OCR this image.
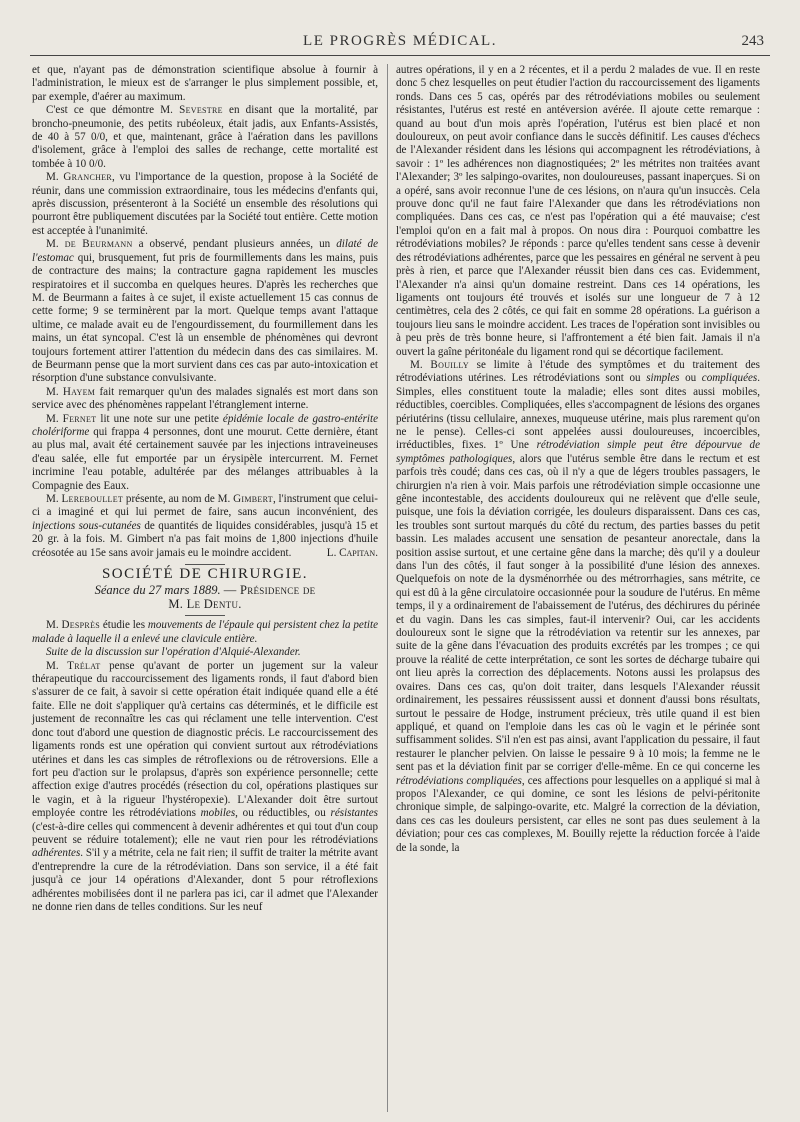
LE PROGRÈS MÉDICAL.	243

et que, n'ayant pas de démonstration scientifique absolue à fournir à l'administration, le mieux est de s'arranger le plus simplement possible, et, par exemple, d'aérer au maximum.

C'est ce que démontre M. Sevestre en disant que la mortalité, par broncho-pneumonie, des petits rubéoleux, était jadis, aux Enfants-Assistés, de 40 à 57 0/0, et que, maintenant, grâce à l'aération dans les pavillons d'isolement, grâce à l'emploi des salles de rechange, cette mortalité est tombée à 10 0/0.

M. Grancher, vu l'importance de la question, propose à la Société de réunir, dans une commission extraordinaire, tous les médecins d'enfants qui, après discussion, présenteront à la Société un ensemble des résolutions qui pourront être publiquement discutées par la Société tout entière. Cette motion est acceptée à l'unanimité.

M. de Beurmann a observé, pendant plusieurs années, un dilaté de l'estomac qui, brusquement, fut pris de fourmillements dans les mains, puis de contracture des mains; la contracture gagna rapidement les muscles respiratoires et il succomba en quelques heures. D'après les recherches que M. de Beurmann a faites à ce sujet, il existe actuellement 15 cas connus de cette forme; 9 se terminèrent par la mort. Quelque temps avant l'attaque ultime, ce malade avait eu de l'engourdissement, du fourmillement dans les mains, un état syncopal. C'est là un ensemble de phénomènes qui devront toujours fortement attirer l'attention du médecin dans des cas similaires. M. de Beurmann pense que la mort survient dans ces cas par auto-intoxication et résorption d'une substance convulsivante.

M. Hayem fait remarquer qu'un des malades signalés est mort dans son service avec des phénomènes rappelant l'étranglement interne.

M. Fernet lit une note sur une petite épidémie locale de gastro-entérite cholériforme qui frappa 4 personnes, dont une mourut. Cette dernière, étant au plus mal, avait été certainement sauvée par les injections intraveineuses d'eau salée, elle fut emportée par un érysipèle intercurrent. M. Fernet incrimine l'eau potable, adultérée par des mélanges attribuables à la Compagnie des Eaux.

M. Lereboullet présente, au nom de M. Gimbert, l'instrument que celui-ci a imaginé et qui lui permet de faire, sans aucun inconvénient, des injections sous-cutanées de quantités de liquides considérables, jusqu'à 15 et 20 gr. à la fois. M. Gimbert n'a pas fait moins de 1,800 injections d'huile créosotée au 15e sans avoir jamais eu le moindre accident.	L. Capitan.

SOCIÉTÉ DE CHIRURGIE.

Séance du 27 mars 1889. — Présidence de

M. Le Dentu.

M. Desprès étudie les mouvements de l'épaule qui persistent chez la petite malade à laquelle il a enlevé une clavicule entière.

Suite de la discussion sur l'opération d'Alquié-Alexander.

M. Trélat pense qu'avant de porter un jugement sur la valeur thérapeutique du raccourcissement des ligaments ronds, il faut d'abord bien s'assurer de ce fait, à savoir si cette opération était indiquée quand elle a été faite. Elle ne doit s'appliquer qu'à certains cas déterminés, et le difficile est justement de reconnaître les cas qui réclament une telle intervention. C'est donc tout d'abord une question de diagnostic précis. Le raccourcissement des ligaments ronds est une opération qui convient surtout aux rétrodéviations utérines et dans les cas simples de rétroflexions ou de rétroversions. Elle a fort peu d'action sur le prolapsus, d'après son expérience personnelle; cette affection exige d'autres procédés (résection du col, opérations plastiques sur le vagin, et à la rigueur l'hystéropexie). L'Alexander doit être surtout employée contre les rétrodéviations mobiles, ou réductibles, ou résistantes (c'est-à-dire celles qui commencent à devenir adhérentes et qui tout d'un coup peuvent se réduire totalement); elle ne vaut rien pour les rétrodéviations adhérentes. S'il y a métrite, cela ne fait rien; il suffit de traiter la métrite avant d'entreprendre la cure de la rétrodéviation. Dans son service, il a été fait jusqu'à ce jour 14 opérations d'Alexander, dont 5 pour rétroflexions adhérentes mobilisées dont il ne parlera pas ici, car il admet que l'Alexander ne donne rien dans de telles conditions. Sur les neuf

autres opérations, il y en a 2 récentes, et il a perdu 2 malades de vue. Il en reste donc 5 chez lesquelles on peut étudier l'action du raccourcissement des ligaments ronds. Dans ces 5 cas, opérés par des rétrodéviations mobiles ou seulement résistantes, l'utérus est resté en antéversion avérée. Il ajoute cette remarque : quand au bout d'un mois après l'opération, l'utérus est bien placé et non douloureux, on peut avoir confiance dans le succès définitif. Les causes d'échecs de l'Alexander résident dans les lésions qui accompagnent les rétrodéviations, à savoir : 1º les adhérences non diagnostiquées; 2º les métrites non traitées avant l'Alexander; 3º les salpingo-ovarites, non douloureuses, passant inaperçues. Si on a opéré, sans avoir reconnue l'une de ces lésions, on n'aura qu'un insuccès. Cela prouve donc qu'il ne faut faire l'Alexander que dans les rétrodéviations non compliquées. Dans ces cas, ce n'est pas l'opération qui a été mauvaise; c'est l'emploi qu'on en a fait mal à propos. On nous dira : Pourquoi combattre les rétrodéviations mobiles? Je réponds : parce qu'elles tendent sans cesse à devenir des rétrodéviations adhérentes, parce que les pessaires en général ne servent à peu près à rien, et parce que l'Alexander réussit bien dans ces cas. Evidemment, l'Alexander n'a ainsi qu'un domaine restreint. Dans ces 14 opérations, les ligaments ont toujours été trouvés et isolés sur une longueur de 7 à 12 centimètres, cela des 2 côtés, ce qui fait en somme 28 opérations. La guérison a toujours lieu sans le moindre accident. Les traces de l'opération sont invisibles ou à peu près de très bonne heure, si l'affrontement a été bien fait. Jamais il n'a ouvert la gaîne péritonéale du ligament rond qui se décortique facilement.

M. Bouilly se limite à l'étude des symptômes et du traitement des rétrodéviations utérines. Les rétrodéviations sont ou simples ou compliquées. Simples, elles constituent toute la maladie; elles sont dites aussi mobiles, réductibles, coercibles. Compliquées, elles s'accompagnent de lésions des organes périutérins (tissu cellulaire, annexes, muqueuse utérine, mais plus rarement qu'on ne le pense). Celles-ci sont appelées aussi douloureuses, incoercibles, irréductibles, fixes. 1º Une rétrodéviation simple peut être dépourvue de symptômes pathologiques, alors que l'utérus semble être dans le rectum et est parfois très coudé; dans ces cas, où il n'y a que de légers troubles passagers, le chirurgien n'a rien à voir. Mais parfois une rétrodéviation simple occasionne une gêne incontestable, des accidents douloureux qui ne relèvent que d'elle seule, puisque, une fois la déviation corrigée, les douleurs disparaissent. Dans ces cas, les troubles sont surtout marqués du côté du rectum, des parties basses du petit bassin. Les malades accusent une sensation de pesanteur anorectale, dans la position assise surtout, et une certaine gêne dans la marche; dès qu'il y a douleur dans l'un des côtés, il faut songer à la possibilité d'une lésion des annexes. Quelquefois on note de la dysménorrhée ou des métrorrhagies, sans métrite, ce qui est dû à la gêne circulatoire occasionnée pour la soudure de l'utérus. En même temps, il y a ordinairement de l'abaissement de l'utérus, des déchirures du périnée et du vagin. Dans les cas simples, faut-il intervenir? Oui, car les accidents douloureux sont le signe que la rétrodéviation va retentir sur les annexes, par suite de la gêne dans l'évacuation des produits excrétés par les trompes ; ce qui prouve la réalité de cette interprétation, ce sont les sortes de décharge tubaire qui ont lieu après la correction des déplacements. Notons aussi les prolapsus des ovaires. Dans ces cas, qu'on doit traiter, dans lesquels l'Alexander réussit ordinairement, les pessaires réussissent aussi et donnent d'aussi bons résultats, surtout le pessaire de Hodge, instrument précieux, très utile quand il est bien appliqué, et quand on l'emploie dans les cas où le vagin et le périnée sont suffisamment solides. S'il n'en est pas ainsi, avant l'application du pessaire, il faut restaurer le plancher pelvien. On laisse le pessaire 9 à 10 mois; la femme ne le sent pas et la déviation finit par se corriger d'elle-même. En ce qui concerne les rétrodéviations compliquées, ces affections pour lesquelles on a appliqué si mal à propos l'Alexander, ce qui domine, ce sont les lésions de pelvi-péritonite chronique simple, de salpingo-ovarite, etc. Malgré la correction de la déviation, dans ces cas les douleurs persistent, car elles ne sont pas dues seulement à la déviation; pour ces cas complexes, M. Bouilly rejette la réduction forcée à l'aide de la sonde, la
